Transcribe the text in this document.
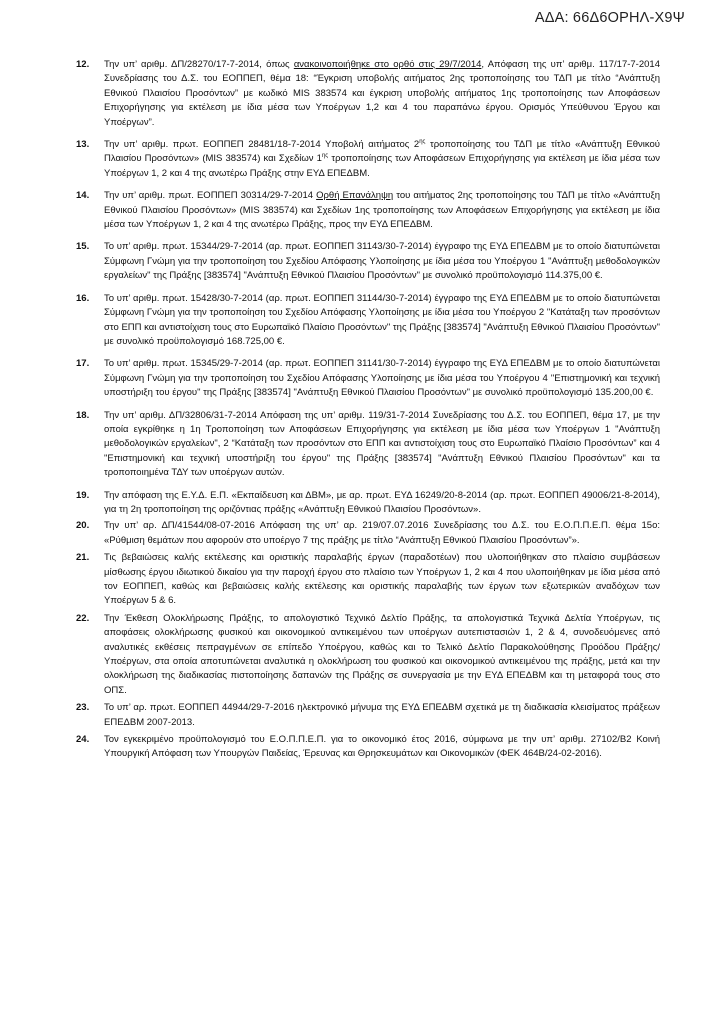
ΑΔΑ: 66Δ6ΟΡΗΛ-Χ9Ψ
12.	Την υπ’ αριθμ. ΔΠ/28270/17-7-2014, όπως ανακοινοποιήθηκε στο ορθό στις 29/7/2014, Απόφαση της υπ’ αριθμ. 117/17-7-2014 Συνεδρίασης του Δ.Σ. του ΕΟΠΠΕΠ, θέμα 18: “Έγκριση υποβολής αιτήματος 2ης τροποποίησης του ΤΔΠ με τίτλο “Ανάπτυξη Εθνικού Πλαισίου Προσόντων” με κωδικό MIS 383574 και έγκριση υποβολής αιτήματος 1ης τροποποίησης των Αποφάσεων Επιχορήγησης για εκτέλεση με ίδια μέσα των Υποέργων 1,2 και 4 του παραπάνω έργου. Ορισμός Υπεύθυνου Έργου και Υποέργων”.
13.	Την υπ’ αριθμ. πρωτ. ΕΟΠΠΕΠ 28481/18-7-2014 Υποβολή αιτήματος $2^{\eta\varsigma}$ τροποποίησης του ΤΔΠ με τίτλο «Ανάπτυξη Εθνικού Πλαισίου Προσόντων» (MIS 383574) και Σχεδίων $1^{\eta\varsigma}$ τροποποίησης των Αποφάσεων Επιχορήγησης για εκτέλεση με ίδια μέσα των Υποέργων 1, 2 και 4 της ανωτέρω Πράξης στην ΕΥΔ ΕΠΕΔΒΜ.
14.	Την υπ’ αριθμ. πρωτ. ΕΟΠΠΕΠ 30314/29-7-2014 Ορθή Επανάληψη του αιτήματος 2ης τροποποίησης του ΤΔΠ με τίτλο «Ανάπτυξη Εθνικού Πλαισίου Προσόντων» (MIS 383574) και Σχεδίων 1ης τροποποίησης των Αποφάσεων Επιχορήγησης για εκτέλεση με ίδια μέσα των Υποέργων 1, 2 και 4 της ανωτέρω Πράξης, προς την ΕΥΔ ΕΠΕΔΒΜ.
15.	Το υπ’ αριθμ. πρωτ. 15344/29-7-2014 (αρ. πρωτ. ΕΟΠΠΕΠ 31143/30-7-2014) έγγραφο της ΕΥΔ ΕΠΕΔΒΜ με το οποίο διατυπώνεται Σύμφωνη Γνώμη για την τροποποίηση του Σχεδίου Απόφασης Υλοποίησης με ίδια μέσα του Υποέργου 1 "Ανάπτυξη μεθοδολογικών εργαλείων" της Πράξης [383574] "Ανάπτυξη Εθνικού Πλαισίου Προσόντων" με συνολικό προϋπολογισμό 114.375,00 €.
16.	Το υπ’ αριθμ. πρωτ. 15428/30-7-2014 (αρ. πρωτ. ΕΟΠΠΕΠ 31144/30-7-2014) έγγραφο της ΕΥΔ ΕΠΕΔΒΜ με το οποίο διατυπώνεται Σύμφωνη Γνώμη για την τροποποίηση του Σχεδίου Απόφασης Υλοποίησης με ίδια μέσα του Υποέργου 2 "Κατάταξη των προσόντων στο ΕΠΠ και αντιστοίχιση τους στο Ευρωπαϊκό Πλαίσιο Προσόντων" της Πράξης [383574] "Ανάπτυξη Εθνικού Πλαισίου Προσόντων" με συνολικό προϋπολογισμό 168.725,00 €.
17.	Το υπ’ αριθμ. πρωτ. 15345/29-7-2014 (αρ. πρωτ. ΕΟΠΠΕΠ 31141/30-7-2014) έγγραφο της ΕΥΔ ΕΠΕΔΒΜ με το οποίο διατυπώνεται Σύμφωνη Γνώμη για την τροποποίηση του Σχεδίου Απόφασης Υλοποίησης με ίδια μέσα του Υποέργου 4 "Επιστημονική και τεχνική υποστήριξη του έργου" της Πράξης [383574] "Ανάπτυξη Εθνικού Πλαισίου Προσόντων" με συνολικό προϋπολογισμό 135.200,00 €.
18.	Την υπ’ αριθμ. ΔΠ/32806/31-7-2014 Απόφαση της υπ’ αριθμ. 119/31-7-2014 Συνεδρίασης του Δ.Σ. του ΕΟΠΠΕΠ, θέμα 17, με την οποία εγκρίθηκε η 1η Τροποποίηση των Αποφάσεων Επιχορήγησης για εκτέλεση με ίδια μέσα των Υποέργων 1 "Ανάπτυξη μεθοδολογικών εργαλείων", 2 “Κατάταξη των προσόντων στο ΕΠΠ και αντιστοίχιση τους στο Ευρωπαϊκό Πλαίσιο Προσόντων” και 4 "Επιστημονική και τεχνική υποστήριξη του έργου" της Πράξης [383574] "Ανάπτυξη Εθνικού Πλαισίου Προσόντων" και τα τροποποιημένα ΤΔΥ των υποέργων αυτών.
19.	Την απόφαση της Ε.Υ.Δ. Ε.Π. «Εκπαίδευση και ΔΒΜ», με αρ. πρωτ. ΕΥΔ 16249/20-8-2014 (αρ. πρωτ. ΕΟΠΠΕΠ 49006/21-8-2014), για τη 2η τροποποίηση της οριζόντιας πράξης «Ανάπτυξη Εθνικού Πλαισίου Προσόντων».
20.	Την υπ’ αρ. ΔΠ/41544/08-07-2016 Απόφαση της υπ’ αρ. 219/07.07.2016 Συνεδρίασης του Δ.Σ. του Ε.Ο.Π.Π.Ε.Π. θέμα 15ο: «Ρύθμιση θεμάτων που αφορούν στο υποέργο 7 της πράξης με τίτλο “Ανάπτυξη Εθνικού Πλαισίου Προσόντων”».
21.	Τις βεβαιώσεις καλής εκτέλεσης και οριστικής παραλαβής έργων (παραδοτέων) που υλοποιήθηκαν στο πλαίσιο συμβάσεων μίσθωσης έργου ιδιωτικού δικαίου για την παροχή έργου στο πλαίσιο των Υποέργων 1, 2 και 4 που υλοποιήθηκαν με ίδια μέσα από τον ΕΟΠΠΕΠ, καθώς και βεβαιώσεις καλής εκτέλεσης και οριστικής παραλαβής των έργων των εξωτερικών αναδόχων των Υποέργων 5 & 6.
22.	Την Έκθεση Ολοκλήρωσης Πράξης, το απολογιστικό Τεχνικό Δελτίο Πράξης, τα απολογιστικά Τεχνικά Δελτία Υποέργων, τις αποφάσεις ολοκλήρωσης φυσικού και οικονομικού αντικειμένου των υποέργων αυτεπιστασιών 1, 2 & 4, συνοδευόμενες από αναλυτικές εκθέσεις πεπραγμένων σε επίπεδο Υποέργου, καθώς και το Τελικό Δελτίο Παρακολούθησης Προόδου Πράξης/Υποέργων, στα οποία αποτυπώνεται αναλυτικά η ολοκλήρωση του φυσικού και οικονομικού αντικειμένου της πράξης, μετά και την ολοκλήρωση της διαδικασίας πιστοποίησης δαπανών της Πράξης σε συνεργασία με την ΕΥΔ ΕΠΕΔΒΜ και τη μεταφορά τους στο ΟΠΣ.
23.	Το υπ’ αρ. πρωτ. ΕΟΠΠΕΠ 44944/29-7-2016 ηλεκτρονικό μήνυμα της ΕΥΔ ΕΠΕΔΒΜ σχετικά με τη διαδικασία κλεισίματος πράξεων ΕΠΕΔΒΜ 2007-2013.
24.	Τον εγκεκριμένο προϋπολογισμό του Ε.Ο.Π.Π.Ε.Π. για το οικονομικό έτος 2016, σύμφωνα με την υπ’ αριθμ. 27102/Β2 Κοινή Υπουργική Απόφαση των Υπουργών Παιδείας, Έρευνας και Θρησκευμάτων και Οικονομικών (ΦΕΚ 464Β/24-02-2016).
